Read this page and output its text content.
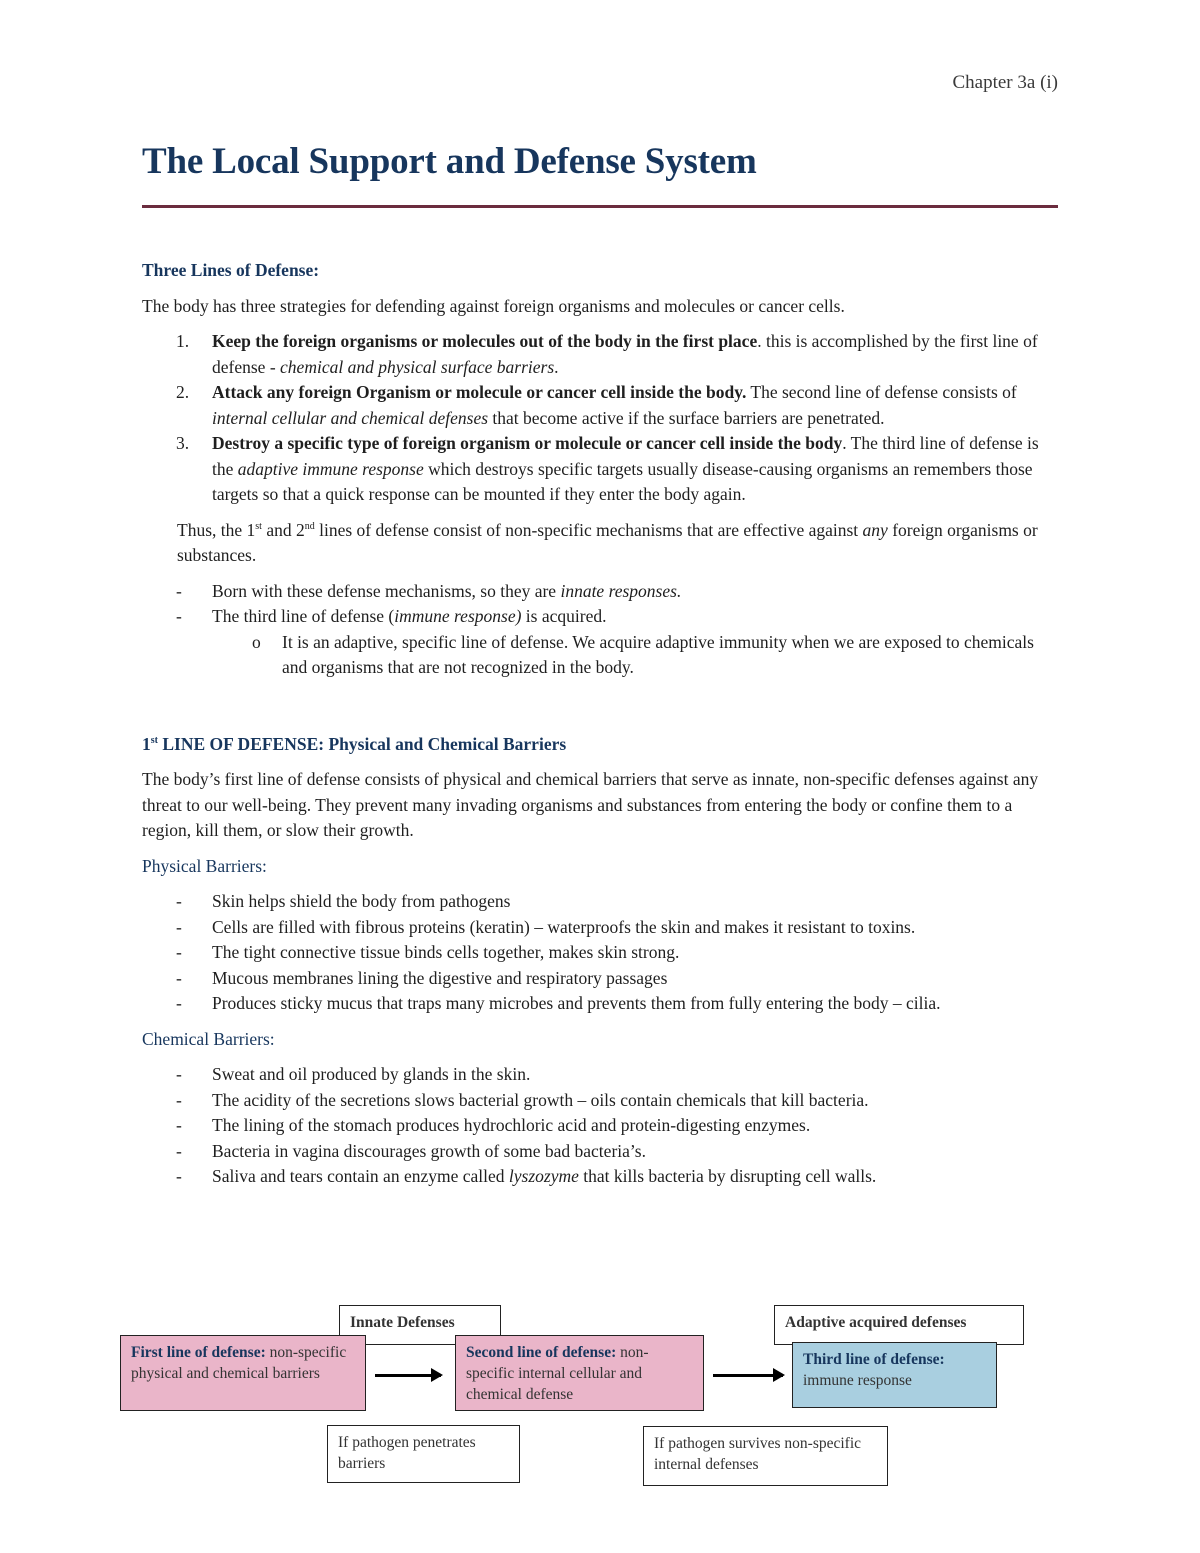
Chapter 3a (i)
The Local Support and Defense System
Three Lines of Defense:

The body has three strategies for defending against foreign organisms and molecules or cancer cells.

1. Keep the foreign organisms or molecules out of the body in the first place. this is accomplished by the first line of defense - chemical and physical surface barriers.
2. Attack any foreign Organism or molecule or cancer cell inside the body. The second line of defense consists of internal cellular and chemical defenses that become active if the surface barriers are penetrated.
3. Destroy a specific type of foreign organism or molecule or cancer cell inside the body. The third line of defense is the adaptive immune response which destroys specific targets usually disease-causing organisms an remembers those targets so that a quick response can be mounted if they enter the body again.

Thus, the 1st and 2nd lines of defense consist of non-specific mechanisms that are effective against any foreign organisms or substances.

- Born with these defense mechanisms, so they are innate responses.
- The third line of defense (immune response) is acquired.
o It is an adaptive, specific line of defense. We acquire adaptive immunity when we are exposed to chemicals and organisms that are not recognized in the body.
1st LINE OF DEFENSE: Physical and Chemical Barriers

The body’s first line of defense consists of physical and chemical barriers that serve as innate, non-specific defenses against any threat to our well-being. They prevent many invading organisms and substances from entering the body or confine them to a region, kill them, or slow their growth.

Physical Barriers:
- Skin helps shield the body from pathogens
- Cells are filled with fibrous proteins (keratin) – waterproofs the skin and makes it resistant to toxins.
- The tight connective tissue binds cells together, makes skin strong.
- Mucous membranes lining the digestive and respiratory passages
- Produces sticky mucus that traps many microbes and prevents them from fully entering the body – cilia.
Chemical Barriers:
- Sweat and oil produced by glands in the skin.
- The acidity of the secretions slows bacterial growth – oils contain chemicals that kill bacteria.
- The lining of the stomach produces hydrochloric acid and protein-digesting enzymes.
- Bacteria in vagina discourages growth of some bad bacteria’s.
- Saliva and tears contain an enzyme called lyszozyme that kills bacteria by disrupting cell walls.
Innate Defenses	Adaptive acquired defenses
First line of defense: non-specific physical and chemical barriers
Second line of defense: non-specific internal cellular and chemical defense
Third line of defense:
immune response
If pathogen penetrates barriers
If pathogen survives non-specific internal defenses
